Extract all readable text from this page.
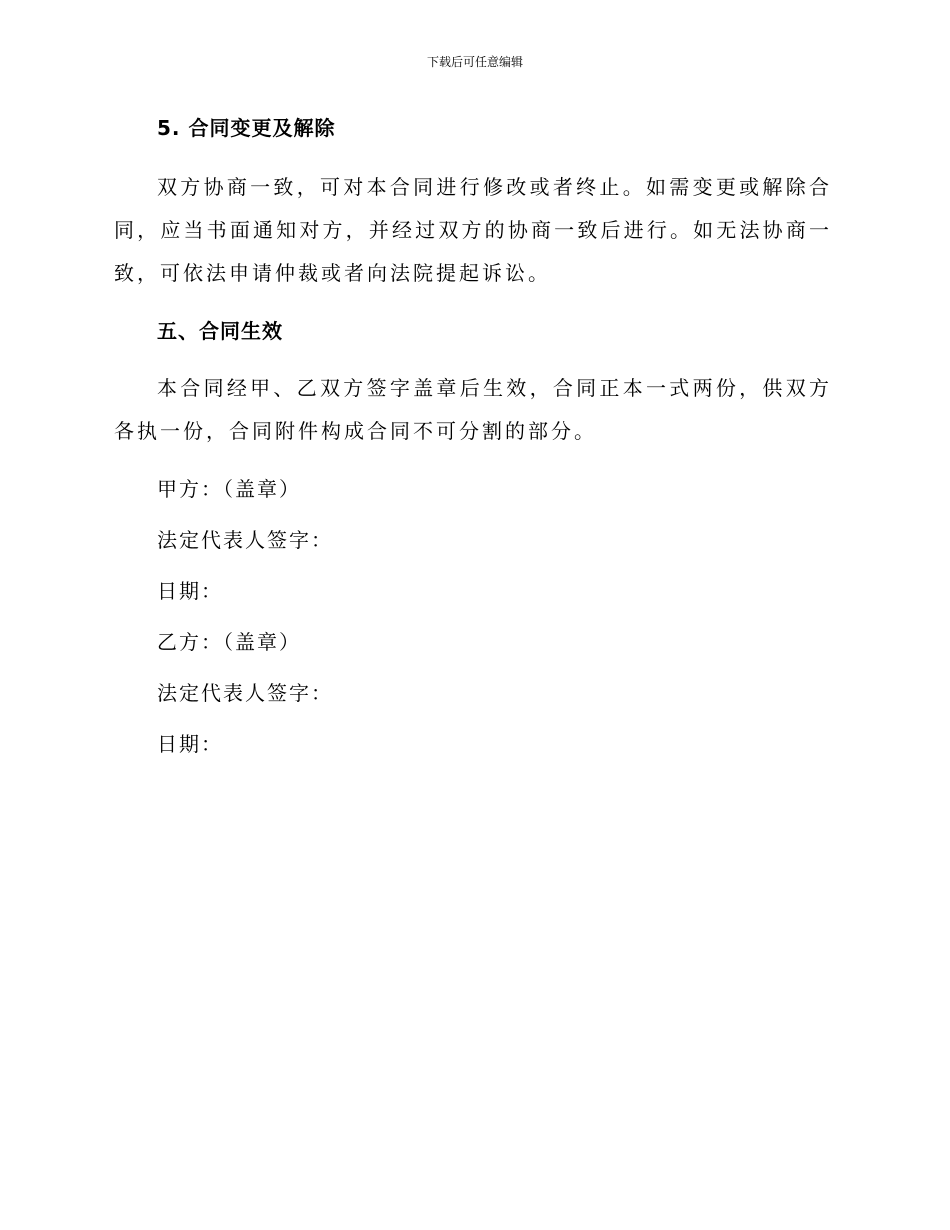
下载后可任意编辑

5. 合同变更及解除

双方协商一致，可对本合同进行修改或者终止。如需变更或解除合同，应当书面通知对方，并经过双方的协商一致后进行。如无法协商一致，可依法申请仲裁或者向法院提起诉讼。

五、合同生效

本合同经甲、乙双方签字盖章后生效，合同正本一式两份，供双方各执一份，合同附件构成合同不可分割的部分。

甲方：（盖章）

法定代表人签字：

日期：

乙方：（盖章）

法定代表人签字：

日期：
